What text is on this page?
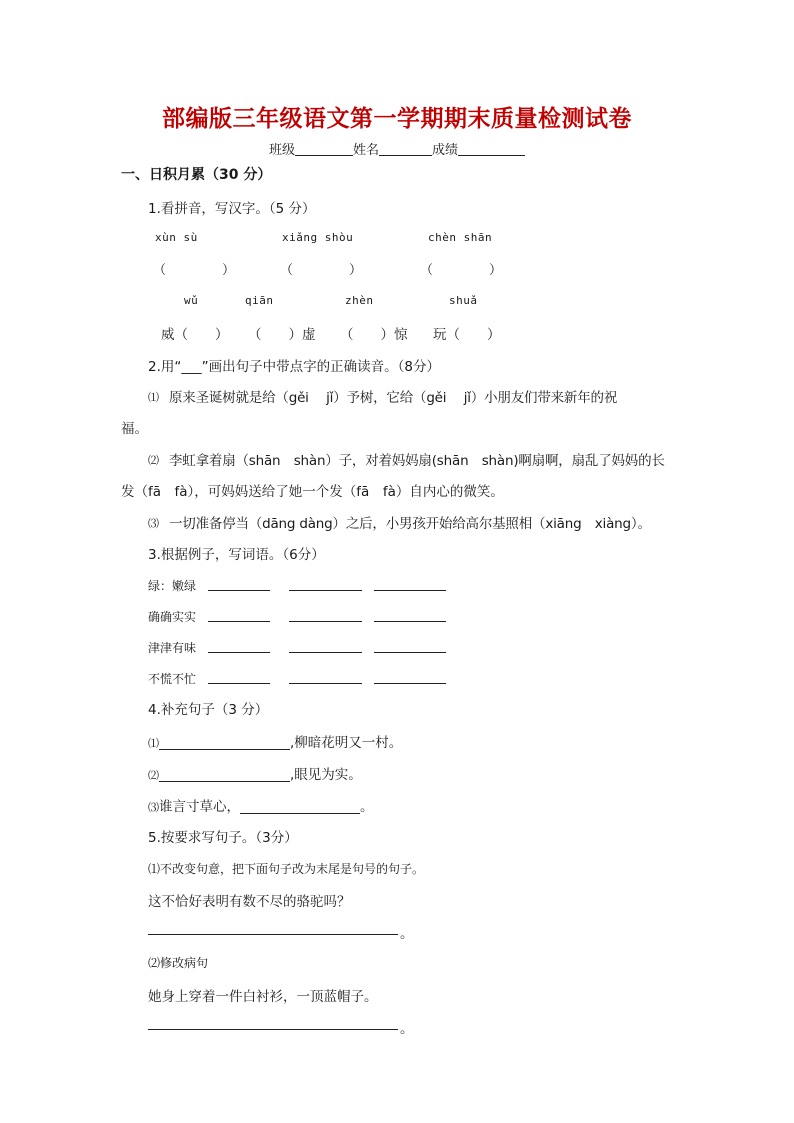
部编版三年级语文第一学期期末质量检测试卷
班级	姓名	成绩
一、日积月累（30 分）
1.看拼音，写汉字。（5 分）
xùn sù	xiǎng shòu	chèn shān
（	）	（	）	（	）
wǔ	qiān	zhèn	shuǎ
威（　　） （　　）虚 （　　）惊 玩（　　）
2.用“___”画出句子中带点字的正确读音。（8分）
⑴ 原来圣诞树就是给（gěi　 jǐ）予树，它给（gěi　 jǐ）小朋友们带来新年的祝
福。
⑵ 李虹拿着扇（shān　shàn）子，对着妈妈扇(shān　shàn)啊扇啊，扇乱了妈妈的长
发（fā　fà），可妈妈送给了她一个发（fā　fà）自内心的微笑。
⑶ 一切准备停当（dāng dàng）之后，小男孩开始给高尔基照相（xiāng　xiàng）。
3.根据例子，写词语。（6分）
绿：嫩绿
确确实实
津津有味
不慌不忙
4.补充句子（3 分）
⑴	,柳暗花明又一村。
⑵	,眼见为实。
⑶谁言寸草心，	。
5.按要求写句子。（3分）
⑴不改变句意，把下面句子改为末尾是句号的句子。
这不恰好表明有数不尽的骆驼吗？
。
⑵修改病句
她身上穿着一件白衬衫，一顶蓝帽子。
。
